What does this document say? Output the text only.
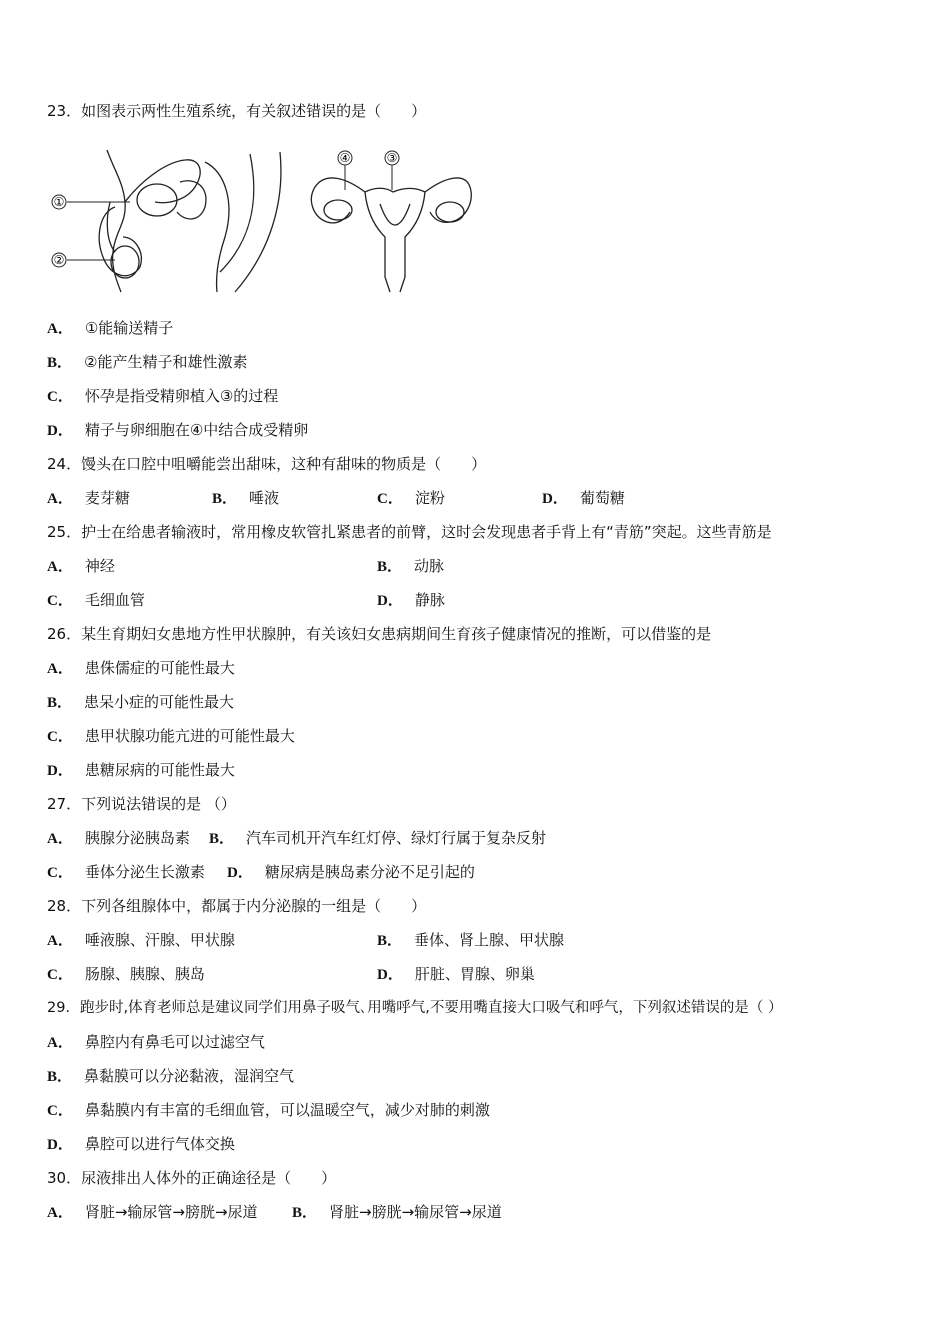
23．如图表示两性生殖系统，有关叙述错误的是（　　）
①
②
④	③
A． ①能输送精子
B． ②能产生精子和雄性激素
C． 怀孕是指受精卵植入③的过程
D． 精子与卵细胞在④中结合成受精卵
24．馒头在口腔中咀嚼能尝出甜味，这种有甜味的物质是（　　）
A． 麦芽糖	B． 唾液	C． 淀粉	D． 葡萄糖
25．护士在给患者输液时，常用橡皮软管扎紧患者的前臂，这时会发现患者手背上有“青筋”突起。这些青筋是
A． 神经	B． 动脉
C． 毛细血管	D． 静脉
26．某生育期妇女患地方性甲状腺肿，有关该妇女患病期间生育孩子健康情况的推断，可以借鉴的是
A． 患侏儒症的可能性最大
B． 患呆小症的可能性最大
C． 患甲状腺功能亢进的可能性最大
D． 患糖尿病的可能性最大
27．下列说法错误的是 （）
A． 胰腺分泌胰岛素 B． 汽车司机开汽车红灯停、绿灯行属于复杂反射
C． 垂体分泌生长激素 D． 糖尿病是胰岛素分泌不足引起的
28．下列各组腺体中，都属于内分泌腺的一组是（　　）
A． 唾液腺、汗腺、甲状腺	B． 垂体、肾上腺、甲状腺
C． 肠腺、胰腺、胰岛	D． 肝脏、胃腺、卵巢
29．跑步时,体育老师总是建议同学们用鼻子吸气､用嘴呼气,不要用嘴直接大口吸气和呼气，下列叙述错误的是（ ）
A． 鼻腔内有鼻毛可以过滤空气
B． 鼻黏膜可以分泌黏液，湿润空气
C． 鼻黏膜内有丰富的毛细血管，可以温暖空气，减少对肺的刺激
D． 鼻腔可以进行气体交换
30．尿液排出人体外的正确途径是（　　）
A． 肾脏→输尿管→膀胱→尿道 B． 肾脏→膀胱→输尿管→尿道
